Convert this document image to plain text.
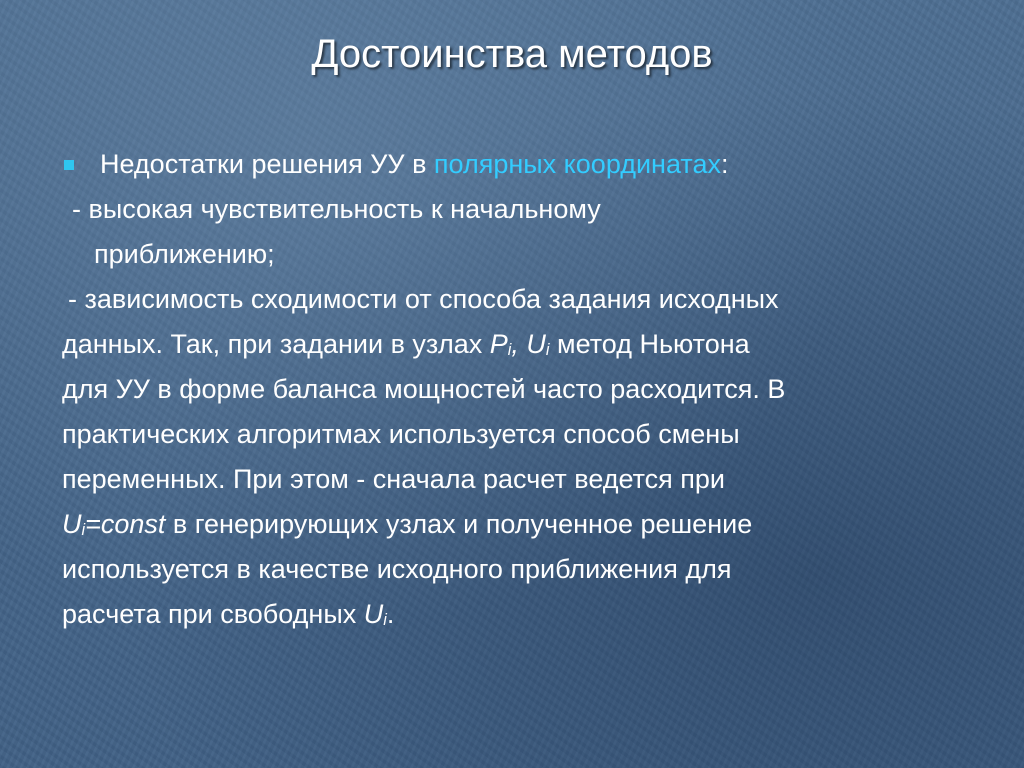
Достоинства методов
Недостатки решения УУ в полярных координатах:
- высокая чувствительность к начальному
приближению;
- зависимость сходимости от способа задания исходных
данных. Так, при задании в узлах $P_i$, $U_i$ метод Ньютона
для УУ в форме баланса мощностей часто расходится. В
практических алгоритмах используется способ смены
переменных. При этом - сначала расчет ведется при
$U_i=const$ в генерирующих узлах и полученное решение
используется в качестве исходного приближения для
расчета при свободных $U_i$.
